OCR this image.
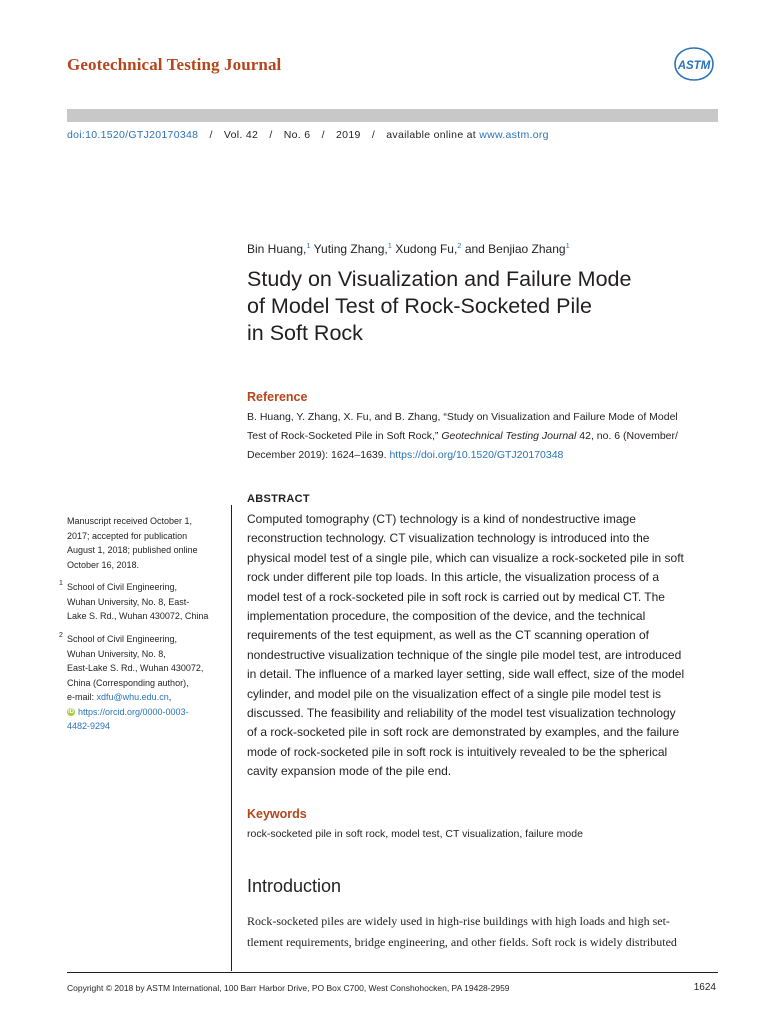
Geotechnical Testing Journal	ASTM
doi:10.1520/GTJ20170348 / Vol. 42 / No. 6 / 2019 / available online at www.astm.org
Bin Huang,$^1$ Yuting Zhang,$^1$ Xudong Fu,$^2$ and Benjiao Zhang$^1$
Study on Visualization and Failure Mode
of Model Test of Rock-Socketed Pile
in Soft Rock
Reference
B. Huang, Y. Zhang, X. Fu, and B. Zhang, “Study on Visualization and Failure Mode of Model
Test of Rock-Socketed Pile in Soft Rock,” Geotechnical Testing Journal 42, no. 6 (November/
December 2019): 1624–1639. https://doi.org/10.1520/GTJ20170348
ABSTRACT
Computed tomography (CT) technology is a kind of nondestructive image
reconstruction technology. CT visualization technology is introduced into the
physical model test of a single pile, which can visualize a rock-socketed pile in soft
rock under different pile top loads. In this article, the visualization process of a
model test of a rock-socketed pile in soft rock is carried out by medical CT. The
implementation procedure, the composition of the device, and the technical
requirements of the test equipment, as well as the CT scanning operation of
nondestructive visualization technique of the single pile model test, are introduced
in detail. The influence of a marked layer setting, side wall effect, size of the model
cylinder, and model pile on the visualization effect of a single pile model test is
discussed. The feasibility and reliability of the model test visualization technology
of a rock-socketed pile in soft rock are demonstrated by examples, and the failure
mode of rock-socketed pile in soft rock is intuitively revealed to be the spherical
cavity expansion mode of the pile end.
Keywords
rock-socketed pile in soft rock, model test, CT visualization, failure mode
Introduction
Rock-socketed piles are widely used in high-rise buildings with high loads and high set-
tlement requirements, bridge engineering, and other fields. Soft rock is widely distributed
Manuscript received October 1,
2017; accepted for publication
August 1, 2018; published online
October 16, 2018.
1 School of Civil Engineering,
Wuhan University, No. 8, East-
Lake S. Rd., Wuhan 430072, China
2 School of Civil Engineering,
Wuhan University, No. 8,
East-Lake S. Rd., Wuhan 430072,
China (Corresponding author),
e-mail: xdfu@whu.edu.cn,
iD https://orcid.org/0000-0003-
4482-9294
Copyright © 2018 by ASTM International, 100 Barr Harbor Drive, PO Box C700, West Conshohocken, PA 19428-2959	1624
